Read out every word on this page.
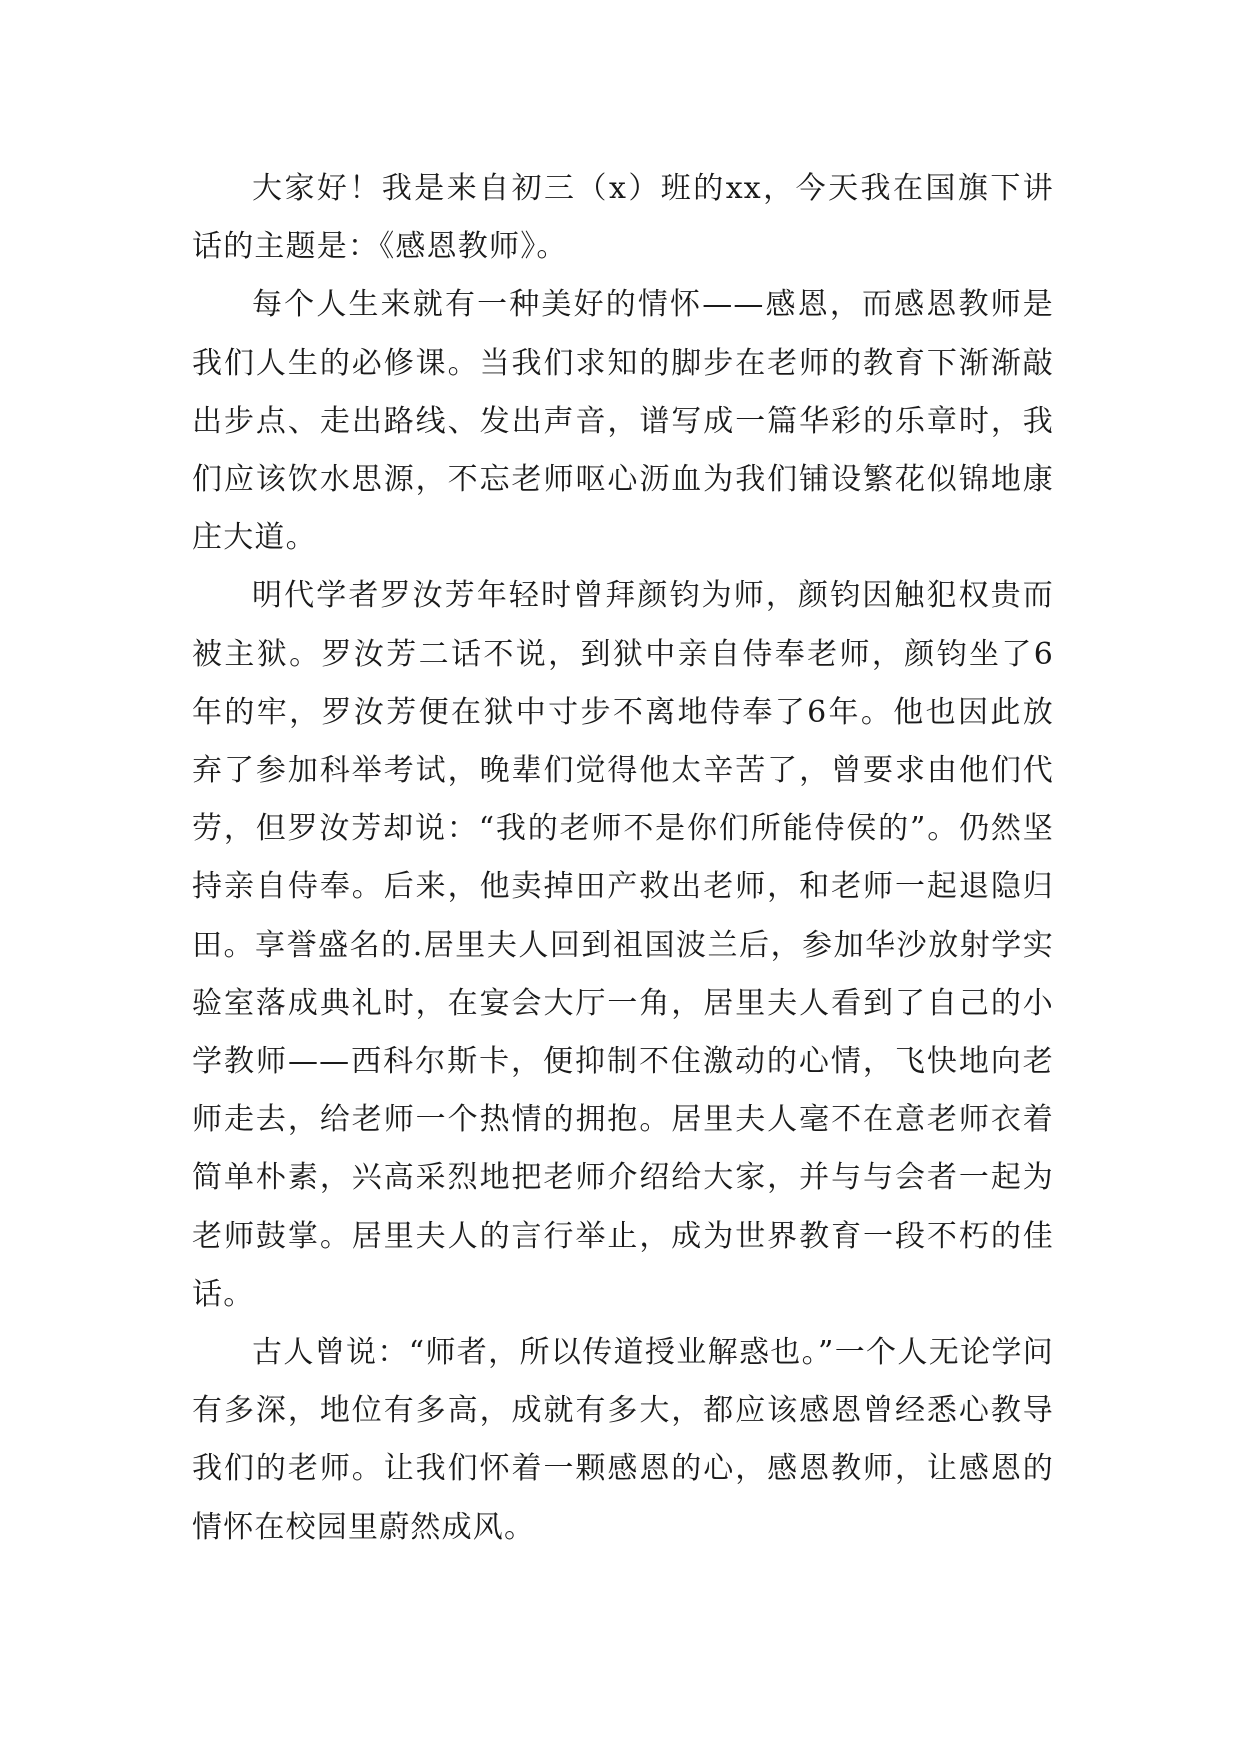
大家好！我是来自初三（x）班的xx，今天我在国旗下讲话的主题是：《感恩教师》。

每个人生来就有一种美好的情怀——感恩，而感恩教师是我们人生的必修课。当我们求知的脚步在老师的教育下渐渐敲出步点、走出路线、发出声音，谱写成一篇华彩的乐章时，我们应该饮水思源，不忘老师呕心沥血为我们铺设繁花似锦地康庄大道。

明代学者罗汝芳年轻时曾拜颜钧为师，颜钧因触犯权贵而被主狱。罗汝芳二话不说，到狱中亲自侍奉老师，颜钧坐了6年的牢，罗汝芳便在狱中寸步不离地侍奉了6年。他也因此放弃了参加科举考试，晚辈们觉得他太辛苦了，曾要求由他们代劳，但罗汝芳却说：“我的老师不是你们所能侍侯的”。仍然坚持亲自侍奉。后来，他卖掉田产救出老师，和老师一起退隐归田。享誉盛名的.居里夫人回到祖国波兰后，参加华沙放射学实验室落成典礼时，在宴会大厅一角，居里夫人看到了自己的小学教师——西科尔斯卡，便抑制不住激动的心情，飞快地向老师走去，给老师一个热情的拥抱。居里夫人毫不在意老师衣着简单朴素，兴高采烈地把老师介绍给大家，并与与会者一起为老师鼓掌。居里夫人的言行举止，成为世界教育一段不朽的佳话。

古人曾说：“师者，所以传道授业解惑也。”一个人无论学问有多深，地位有多高，成就有多大，都应该感恩曾经悉心教导我们的老师。让我们怀着一颗感恩的心，感恩教师，让感恩的情怀在校园里蔚然成风。
